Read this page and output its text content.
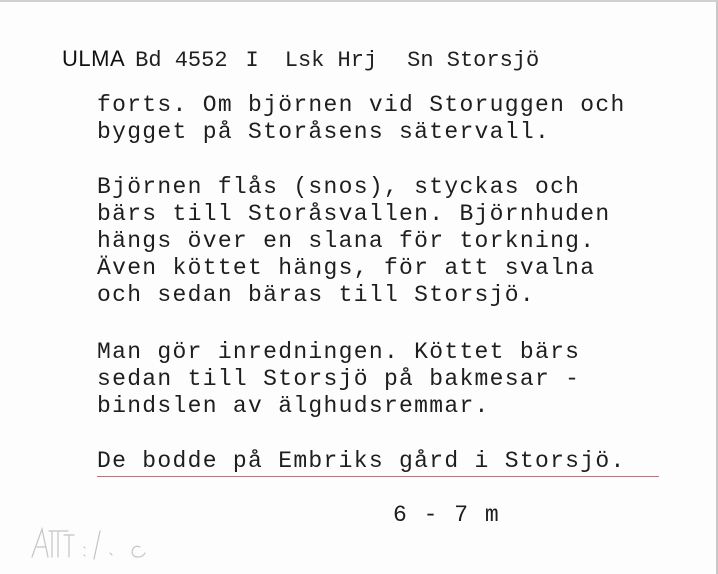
ULMA Bd 4552 I Lsk Hrj Sn Storsjö
forts. Om björnen vid Storuggen och
bygget på Storåsens sätervall.
Björnen flås (snos), styckas och
bärs till Storåsvallen. Björnhuden
hängs över en slana för torkning.
Även köttet hängs, för att svalna
och sedan bäras till Storsjö.
Man gör inredningen. Köttet bärs
sedan till Storsjö på bakmesar -
bindslen av älghudsremmar.
De bodde på Embriks gård i Storsjö.
6 - 7 m
